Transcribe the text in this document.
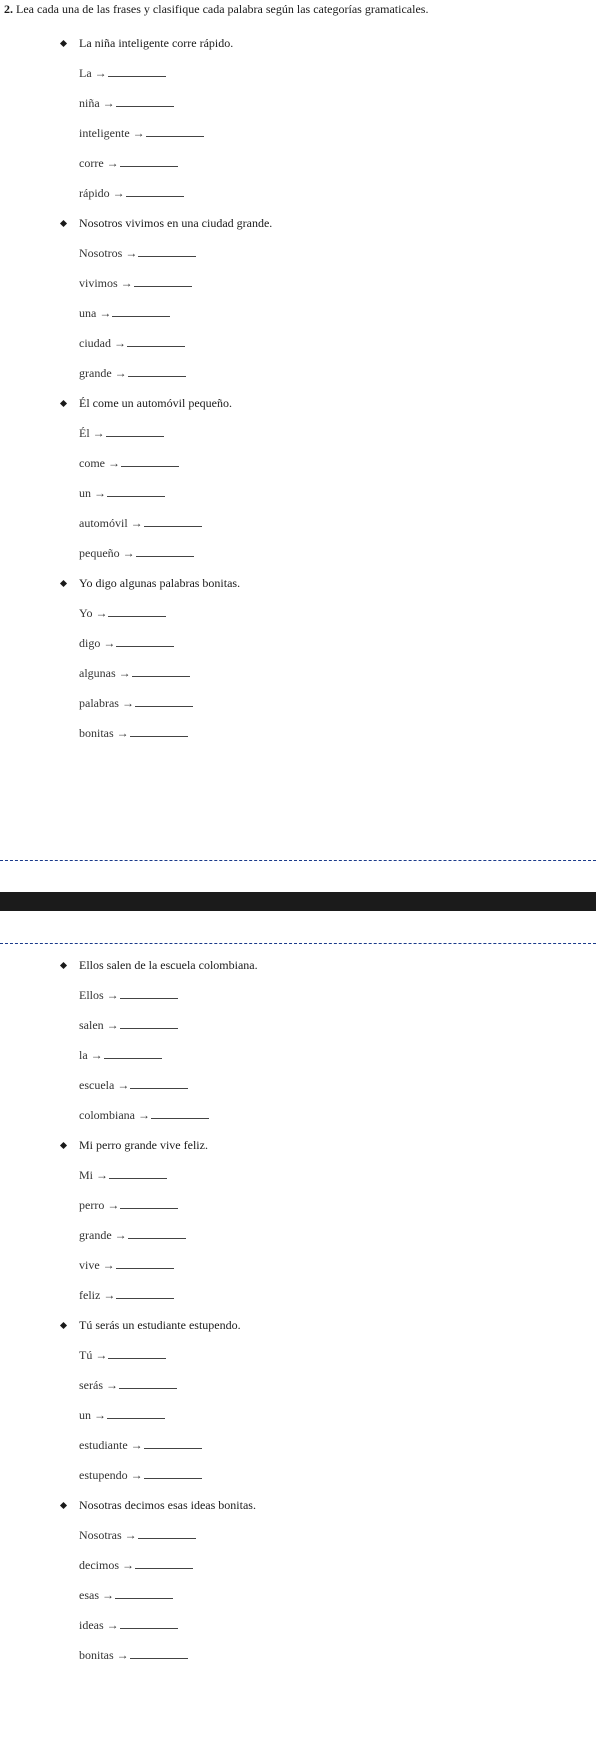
2. Lea cada una de las frases y clasifique cada palabra según las categorías gramaticales.
La niña inteligente corre rápido.
La →
niña →
inteligente →
corre →
rápido →
Nosotros vivimos en una ciudad grande.
Nosotros →
vivimos →
una →
ciudad →
grande →
Él come un automóvil pequeño.
Él →
come →
un →
automóvil →
pequeño →
Yo digo algunas palabras bonitas.
Yo →
digo →
algunas →
palabras →
bonitas →
Ellos salen de la escuela colombiana.
Ellos →
salen →
la →
escuela →
colombiana →
Mi perro grande vive feliz.
Mi →
perro →
grande →
vive →
feliz →
Tú serás un estudiante estupendo.
Tú →
serás →
un →
estudiante →
estupendo →
Nosotras decimos esas ideas bonitas.
Nosotras →
decimos →
esas →
ideas →
bonitas →
